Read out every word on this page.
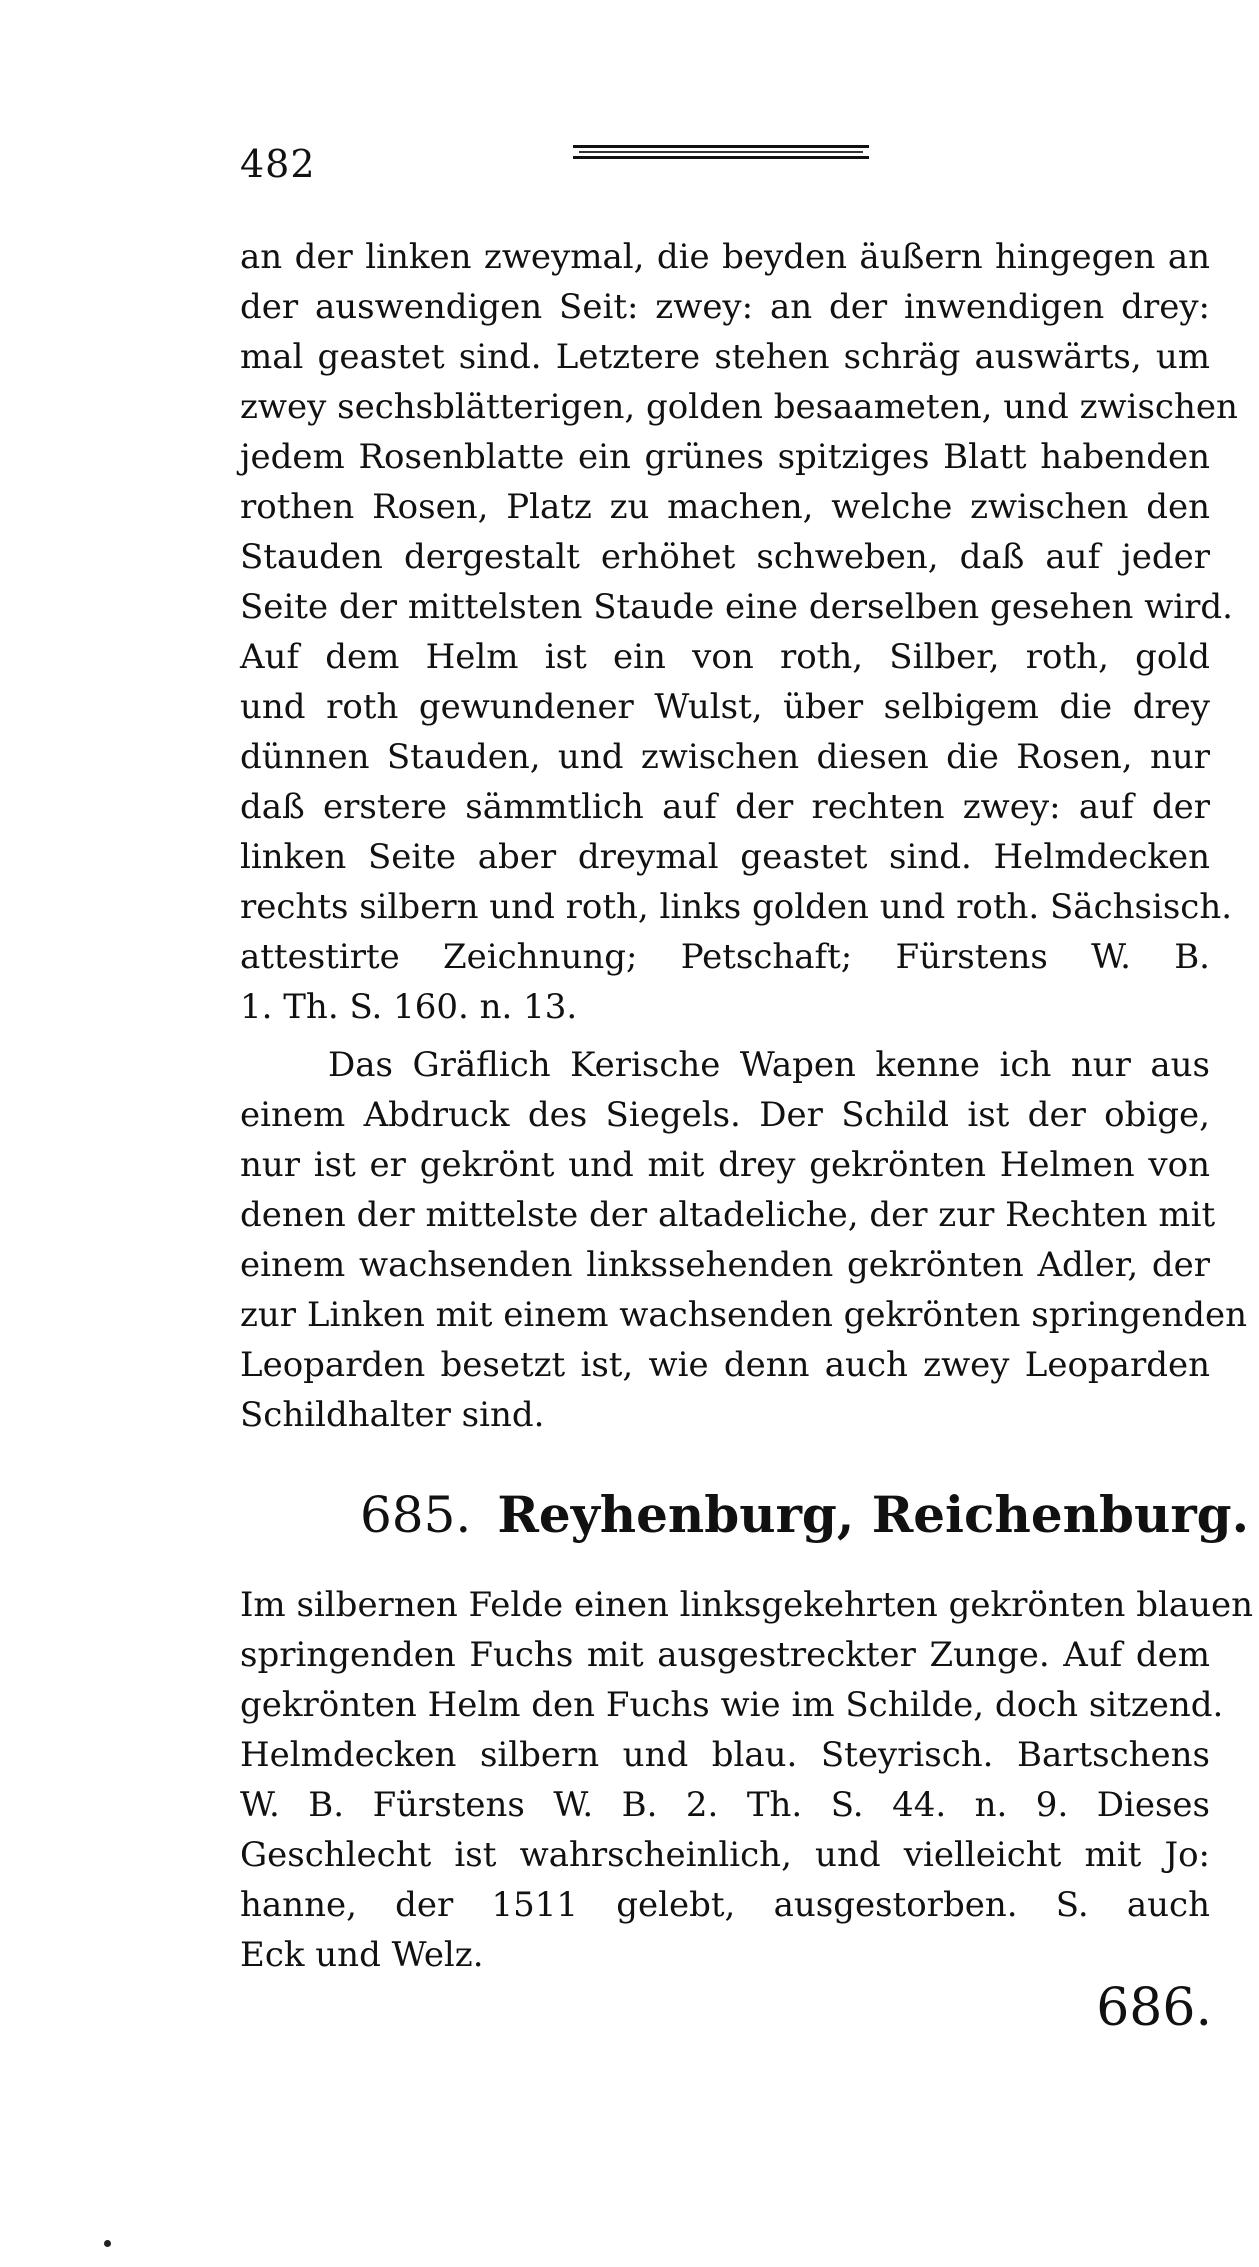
482
an der linken zweymal, die beyden äußern hingegen an
der auswendigen Seit: zwey: an der inwendigen drey:
mal geastet sind. Letztere stehen schräg auswärts, um
zwey sechsblätterigen, golden besaameten, und zwischen
jedem Rosenblatte ein grünes spitziges Blatt habenden
rothen Rosen, Platz zu machen, welche zwischen den
Stauden dergestalt erhöhet schweben, daß auf jeder
Seite der mittelsten Staude eine derselben gesehen wird.
Auf dem Helm ist ein von roth, Silber, roth, gold
und roth gewundener Wulst, über selbigem die drey
dünnen Stauden, und zwischen diesen die Rosen, nur
daß erstere sämmtlich auf der rechten zwey: auf der
linken Seite aber dreymal geastet sind. Helmdecken
rechts silbern und roth, links golden und roth. Sächsisch.
attestirte Zeichnung; Petschaft; Fürstens W. B.
1. Th. S. 160. n. 13.
Das Gräflich Kerische Wapen kenne ich nur aus
einem Abdruck des Siegels. Der Schild ist der obige,
nur ist er gekrönt und mit drey gekrönten Helmen von
denen der mittelste der altadeliche, der zur Rechten mit
einem wachsenden linkssehenden gekrönten Adler, der
zur Linken mit einem wachsenden gekrönten springenden
Leoparden besetzt ist, wie denn auch zwey Leoparden
Schildhalter sind.
685. Reyhenburg, Reichenburg.
Im silbernen Felde einen linksgekehrten gekrönten blauen
springenden Fuchs mit ausgestreckter Zunge. Auf dem
gekrönten Helm den Fuchs wie im Schilde, doch sitzend.
Helmdecken silbern und blau. Steyrisch. Bartschens
W. B. Fürstens W. B. 2. Th. S. 44. n. 9. Dieses
Geschlecht ist wahrscheinlich, und vielleicht mit Jo:
hanne, der 1511 gelebt, ausgestorben. S. auch
Eck und Welz.
686.
